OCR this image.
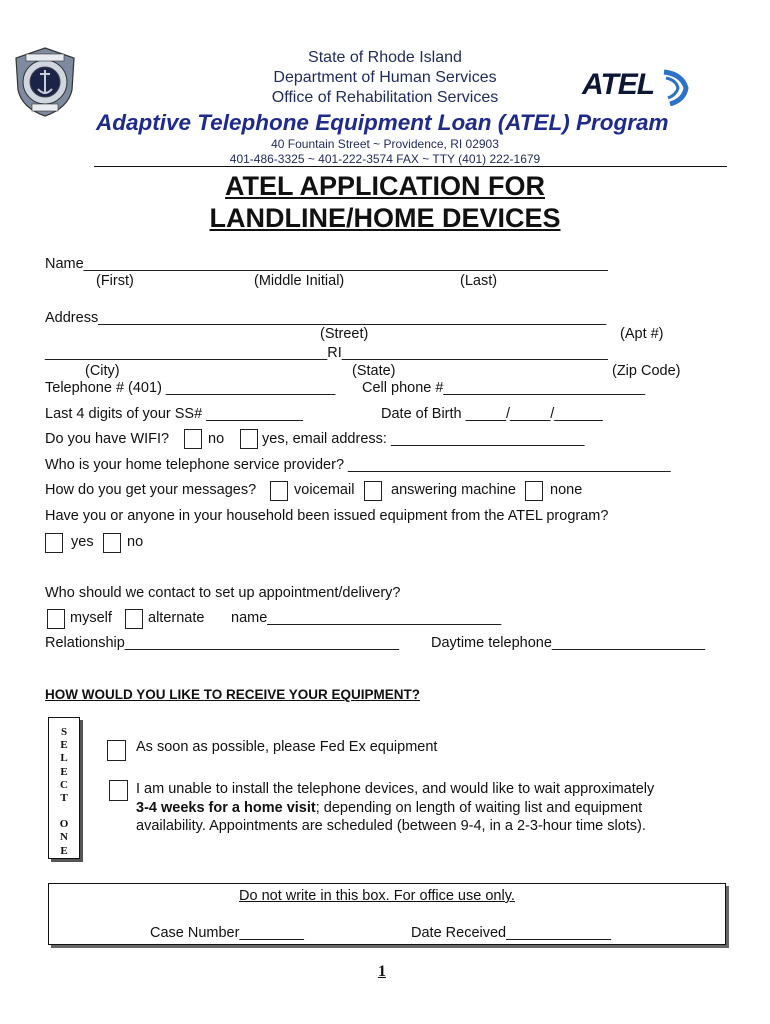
State of Rhode Island
Department of Human Services
Office of Rehabilitation Services	ATEL
Adaptive Telephone Equipment Loan (ATEL) Program
40 Fountain Street ~ Providence, RI 02903
401-486-3325 ~ 401-222-3574 FAX ~ TTY (401) 222-1679
ATEL APPLICATION FOR
LANDLINE/HOME DEVICES
Name_________________________________________________________________
(First)	(Middle Initial)	(Last)
Address_______________________________________________________________
(Street)	(Apt #)
___________________________________RI_________________________________
(City)	(State)	(Zip Code)
Telephone # (401) _____________________ Cell phone #_________________________
Last 4 digits of your SS# ____________	Date of Birth _____/_____/______
Do you have WIFI?	no	yes, email address: ________________________
Who is your home telephone service provider? ________________________________________
How do you get your messages?	voicemail	answering machine none
Have you or anyone in your household been issued equipment from the ATEL program?
yes no
Who should we contact to set up appointment/delivery?
myself alternate name_____________________________
Relationship__________________________________ Daytime telephone___________________
HOW WOULD YOU LIKE TO RECEIVE YOUR EQUIPMENT?
S
E
L
E
C
T
O
N
E
As soon as possible, please Fed Ex equipment
I am unable to install the telephone devices, and would like to wait approximately
3-4 weeks for a home visit; depending on length of waiting list and equipment
availability. Appointments are scheduled (between 9-4, in a 2-3-hour time slots).
Do not write in this box. For office use only.
Case Number________	Date Received_____________
1
